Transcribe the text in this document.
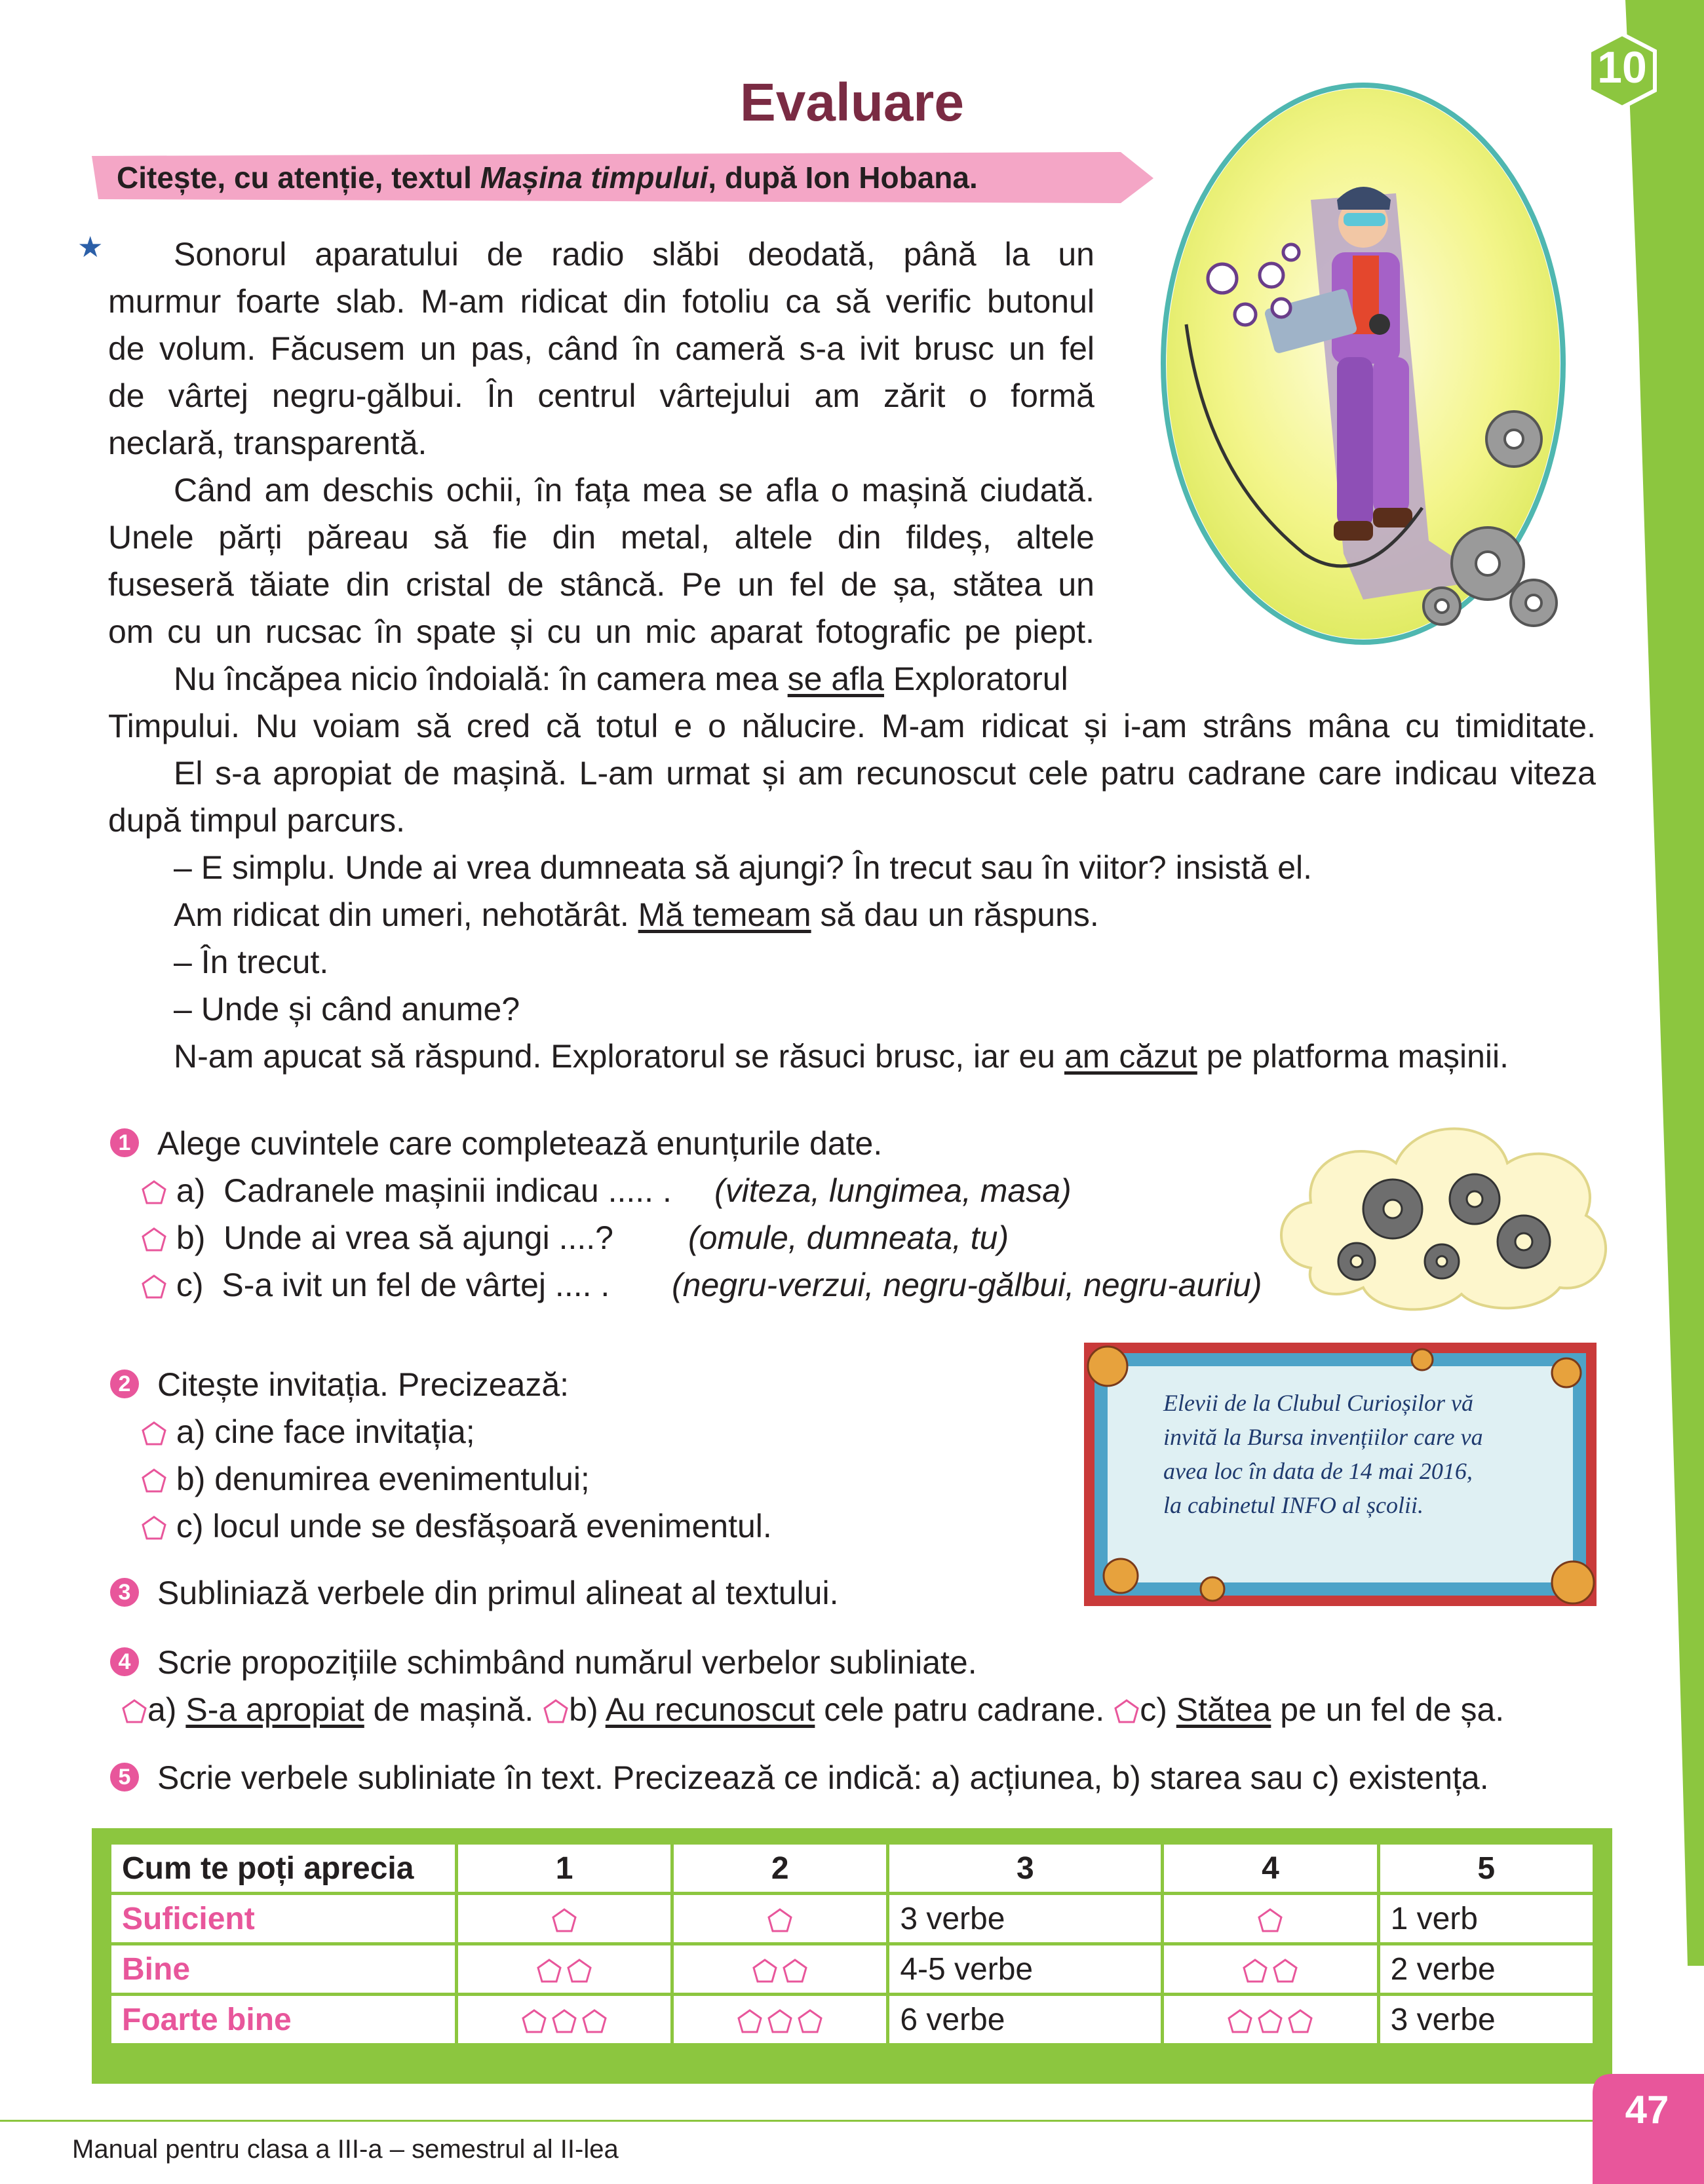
10
Evaluare
Citește, cu atenție, textul Mașina timpului, după Ion Hobana.
★ Sonorul aparatului de radio slăbi deodată, până la un
murmur foarte slab. M-am ridicat din fotoliu ca să verific butonul
de volum. Făcusem un pas, când în cameră s-a ivit brusc un fel
de vârtej negru-gălbui. În centrul vârtejului am zărit o formă
neclară, transparentă.
Când am deschis ochii, în fața mea se afla o mașină ciudată.
Unele părți păreau să fie din metal, altele din fildeș, altele
fuseseră tăiate din cristal de stâncă. Pe un fel de șa, stătea un
om cu un rucsac în spate și cu un mic aparat fotografic pe piept.
Nu încăpea nicio îndoială: în camera mea se afla Exploratorul
Timpului. Nu voiam să cred că totul e o nălucire. M-am ridicat și i-am strâns mâna cu timiditate.
El s-a apropiat de mașină. L-am urmat și am recunoscut cele patru cadrane care indicau viteza
după timpul parcurs.
– E simplu. Unde ai vrea dumneata să ajungi? În trecut sau în viitor? insistă el.
Am ridicat din umeri, nehotărât. Mă temeam să dau un răspuns.
– În trecut.
– Unde și când anume?
N-am apucat să răspund. Exploratorul se răsuci brusc, iar eu am căzut pe platforma mașinii.
1 Alege cuvintele care completează enunțurile date.
a) Cadranele mașinii indicau ..... . (viteza, lungimea, masa)
b) Unde ai vrea să ajungi ....? (omule, dumneata, tu)
c) S-a ivit un fel de vârtej .... . (negru-verzui, negru-gălbui, negru-auriu)
2 Citește invitația. Precizează:
a) cine face invitația;
b) denumirea evenimentului;
c) locul unde se desfășoară evenimentul.
Elevii de la Clubul Curioșilor vă
invită la Bursa invențiilor care va
avea loc în data de 14 mai 2016,
la cabinetul INFO al școlii.
3 Subliniază verbele din primul alineat al textului.
4 Scrie propozițiile schimbând numărul verbelor subliniate.
a) S-a apropiat de mașină. b) Au recunoscut cele patru cadrane. c) Stătea pe un fel de șa.
5 Scrie verbele subliniate în text. Precizează ce indică: a) acțiunea, b) starea sau c) existența.
Cum te poți aprecia	1	2	3	4	5
Suficient			3 verbe		1 verb
Bine			4-5 verbe		2 verbe
Foarte bine			6 verbe		3 verbe
Manual pentru clasa a III-a – semestrul al II-lea
47
